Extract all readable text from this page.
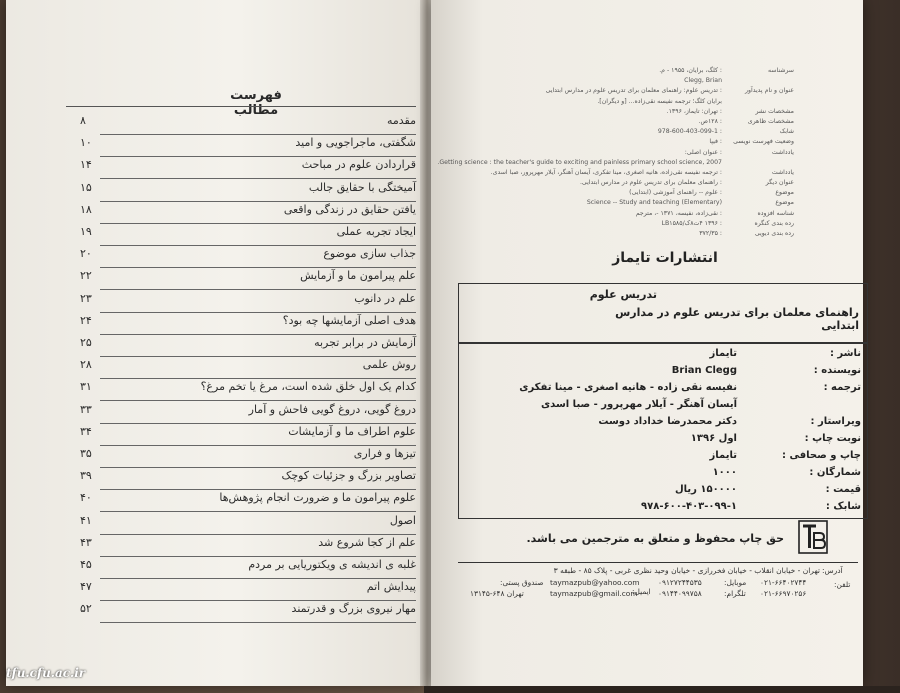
فهرست مطالب
مقدمه
۸
شگفتی، ماجراجویی و امید
۱۰
قراردادن علوم در مباحث
۱۴
آمیختگی با حقایق جالب
۱۵
یافتن حقایق در زندگی واقعی
۱۸
ایجاد تجربه عملی
۱۹
جذاب سازی موضوع
۲۰
علم پیرامون ما و آزمایش
۲۲
علم در دانوب
۲۳
هدف اصلی آزمایشها چه بود؟
۲۴
آزمایش در برابر تجربه
۲۵
روش علمی
۲۸
کدام یک اول خلق شده است، مرغ یا تخم مرغ؟
۳۱
دروغ گویی، دروغ گویی فاحش و آمار
۳۳
علوم اطراف ما و آزمایشات
۳۴
تیزها و فراری
۳۵
تصاویر بزرگ و جزئیات کوچک
۳۹
علوم پیرامون ما و ضرورت انجام پژوهش‌ها
۴۰
اصول
۴۱
علم از کجا شروع شد
۴۳
غلبه ی اندیشه ی ویکتوریایی بر مردم
۴۵
پیدایش اتم
۴۷
مهار نیروی بزرگ و قدرتمند
۵۲
سرشناسه
: کلگ، برایان، ۱۹۵۵ - م.
Clegg, Brian
عنوان و نام پدیدآور
: تدریس علوم: راهنمای معلمان برای تدریس علوم در مدارس ابتدایی
برایان کلگ؛ ترجمه نفیسه نقی‌زاده... [و دیگران].
مشخصات نشر
: تهران: تایماز، ۱۳۹۶.
مشخصات ظاهری
: ۱۲۸ص.
شابک
: 978-600-403-099-1
وضعیت فهرست نویسی
: فیپا
یادداشت
: عنوان اصلی:
Getting science : the teacher's guide to exciting and painless primary school science, 2007.
یادداشت
: ترجمه نفیسه نقی‌زاده، هانیه اصغری، مینا تفکری، آیسان آهنگر، آیلار مهرپرور، صبا اسدی.
عنوان دیگر
: راهنمای معلمان برای تدریس علوم در مدارس ابتدایی.
موضوع
: علوم -- راهنمای آموزشی (ابتدایی)
موضوع
Science -- Study and teaching (Elementary)
شناسه افزوده
: نقی‌زاده، نفیسه، ۱۳۷۱ -، مترجم
رده بندی کنگره
: ۱۳۹۶ ۴ت۸ک/LB۱۵۸۵
رده بندی دیویی
: ۳۷۲/۳۵
انتشارات تایماز
تدریس علوم
راهنمای معلمان برای تدریس علوم در مدارس ابتدایی
ناشر :
تایماز
نویسنده :
Brian Clegg
ترجمه :
نفیسه نقی زاده - هانیه اصغری - مینا تفکری
آیسان آهنگر - آیلار مهرپرور - صبا اسدی
ویراستار :
دکتر محمدرضا خداداد دوست
نوبت چاپ :
اول ۱۳۹۶
چاپ و صحافی :
تایماز
شمارگان :
۱۰۰۰
قیمت :
۱۵۰۰۰۰ ریال
شابک :
۹۷۸-۶۰۰-۴۰۳-۰۹۹-۱
حق چاپ محفوظ و متعلق به مترجمین می باشد.
آدرس:
تهران - خیابان انقلاب - خیابان فخررازی - خیابان وحید نظری غربی - پلاک ۸۵ - طبقه ۳
تلفن:
۰۲۱-۶۶۴۰۲۷۴۴
۰۲۱-۶۶۹۷۰۲۵۶
موبایل:
۰۹۱۲۷۲۴۴۵۳۵
تلگرام:
۰۹۱۴۴۰۹۹۷۵۸
ایمیل:
taymazpub@yahoo.com
taymazpub@gmail.com
صندوق پستی:
تهران ۶۴۸-۱۳۱۴۵
tfu.cfu.ac.ir
